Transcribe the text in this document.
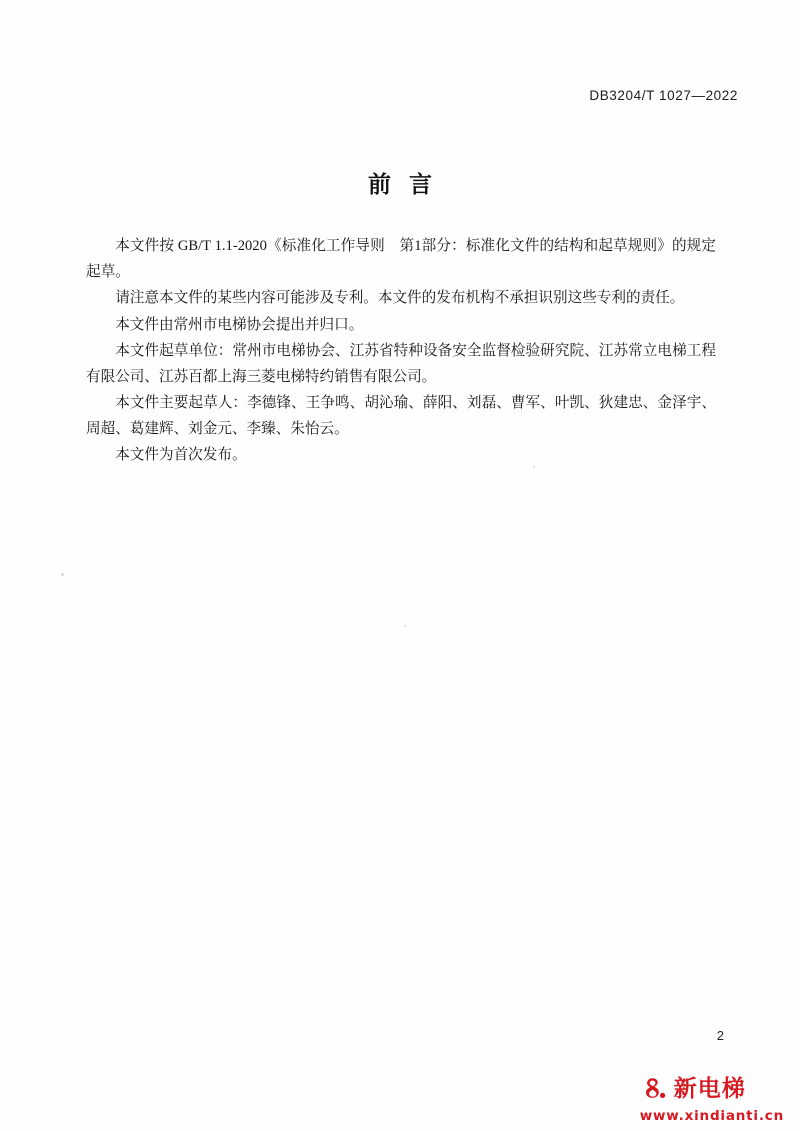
DB3204/T 1027—2022
前言

本文件按 GB/T 1.1-2020《标准化工作导则　第1部分：标准化文件的结构和起草规则》的规定起草。

请注意本文件的某些内容可能涉及专利。本文件的发布机构不承担识别这些专利的责任。

本文件由常州市电梯协会提出并归口。

本文件起草单位：常州市电梯协会、江苏省特种设备安全监督检验研究院、江苏常立电梯工程有限公司、江苏百都上海三菱电梯特约销售有限公司。

本文件主要起草人：李德锋、王争鸣、胡沁瑜、薛阳、刘磊、曹军、叶凯、狄建忠、金泽宇、周超、葛建辉、刘金元、李臻、朱怡云。

本文件为首次发布。

2
新电梯
www.xindianti.cn
